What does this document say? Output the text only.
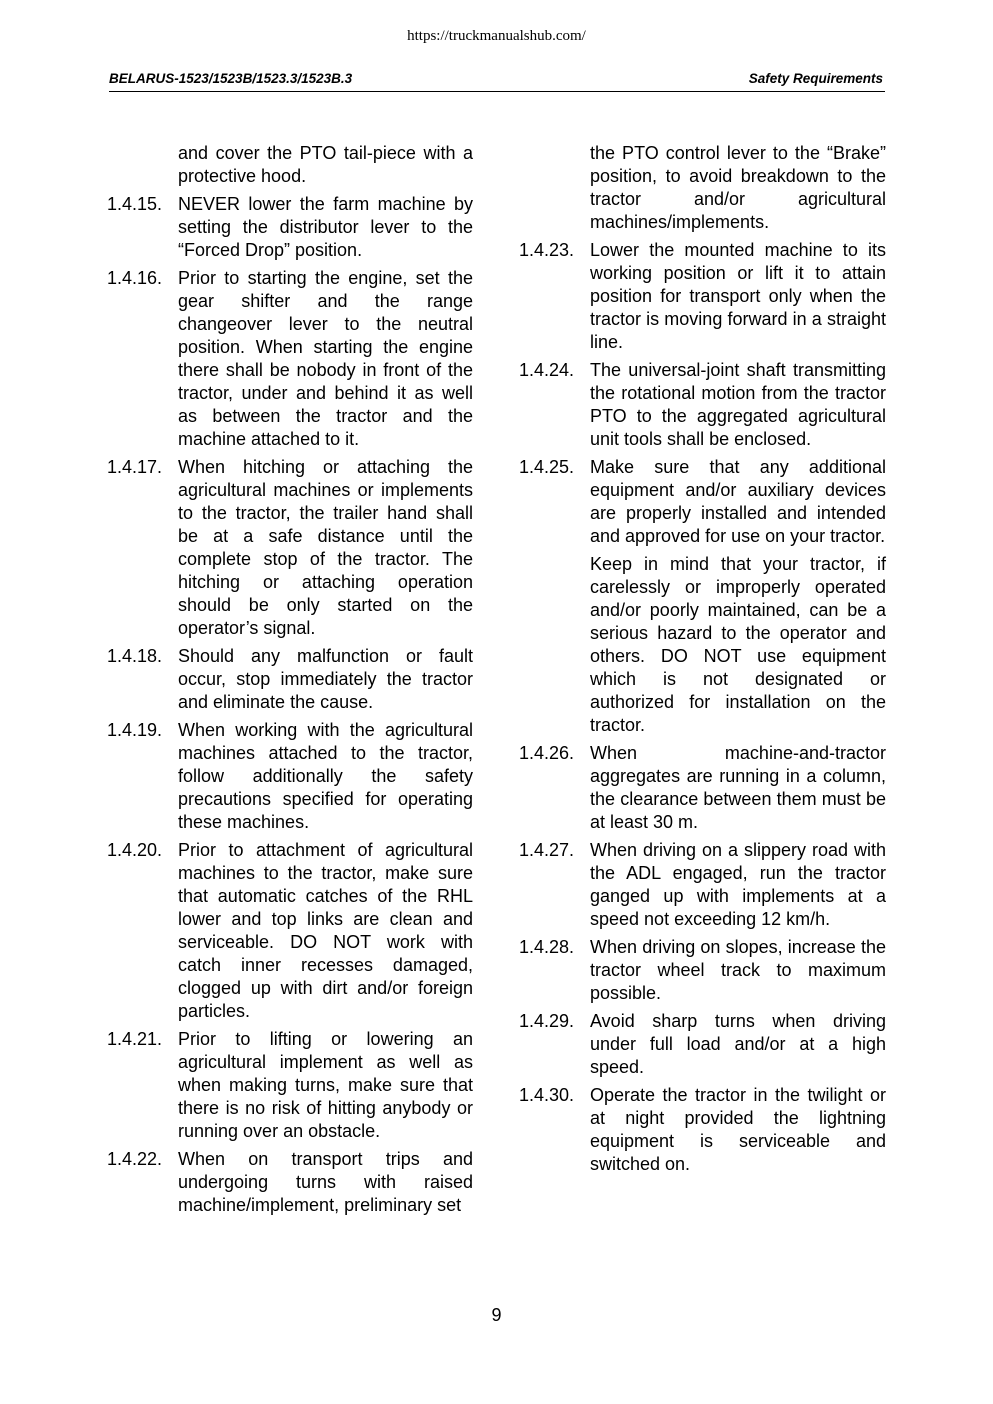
https://truckmanualshub.com/
BELARUS-1523/1523B/1523.3/1523B.3	Safety Requirements
and cover the PTO tail-piece with a protective hood.
1.4.15. NEVER lower the farm machine by setting the distributor lever to the “Forced Drop” position.

1.4.16. Prior to starting the engine, set the gear shifter and the range changeover lever to the neutral position. When starting the engine there shall be nobody in front of the tractor, under and behind it as well as between the tractor and the machine attached to it.

1.4.17. When hitching or attaching the agricultural machines or implements to the tractor, the trailer hand shall be at a safe distance until the complete stop of the tractor. The hitching or attaching operation should be only started on the operator’s signal.

1.4.18. Should any malfunction or fault occur, stop immediately the tractor and eliminate the cause.

1.4.19. When working with the agricultural machines attached to the tractor, follow additionally the safety precautions specified for operating these machines.

1.4.20. Prior to attachment of agricultural machines to the tractor, make sure that automatic catches of the RHL lower and top links are clean and serviceable. DO NOT work with catch inner recesses damaged, clogged up with dirt and/or foreign particles.

1.4.21. Prior to lifting or lowering an agricultural implement as well as when making turns, make sure that there is no risk of hitting anybody or running over an obstacle.

1.4.22. When on transport trips and undergoing turns with raised machine/implement, preliminary set

the PTO control lever to the “Brake” position, to avoid breakdown to the tractor and/or agricultural machines/implements.
1.4.23. Lower the mounted machine to its working position or lift it to attain position for transport only when the tractor is moving forward in a straight line.

1.4.24. The universal-joint shaft transmitting the rotational motion from the tractor PTO to the aggregated agricultural unit tools shall be enclosed.

1.4.25. Make sure that any additional equipment and/or auxiliary devices are properly installed and intended and approved for use on your tractor.

Keep in mind that your tractor, if carelessly or improperly operated and/or poorly maintained, can be a serious hazard to the operator and others. DO NOT use equipment which is not designated or authorized for installation on the tractor.

1.4.26. When machine-and-tractor aggregates are running in a column, the clearance between them must be at least 30 m.

1.4.27. When driving on a slippery road with the ADL engaged, run the tractor ganged up with implements at a speed not exceeding 12 km/h.

1.4.28. When driving on slopes, increase the tractor wheel track to maximum possible.

1.4.29. Avoid sharp turns when driving under full load and/or at a high speed.

1.4.30. Operate the tractor in the twilight or at night provided the lightning equipment is serviceable and switched on.

9
